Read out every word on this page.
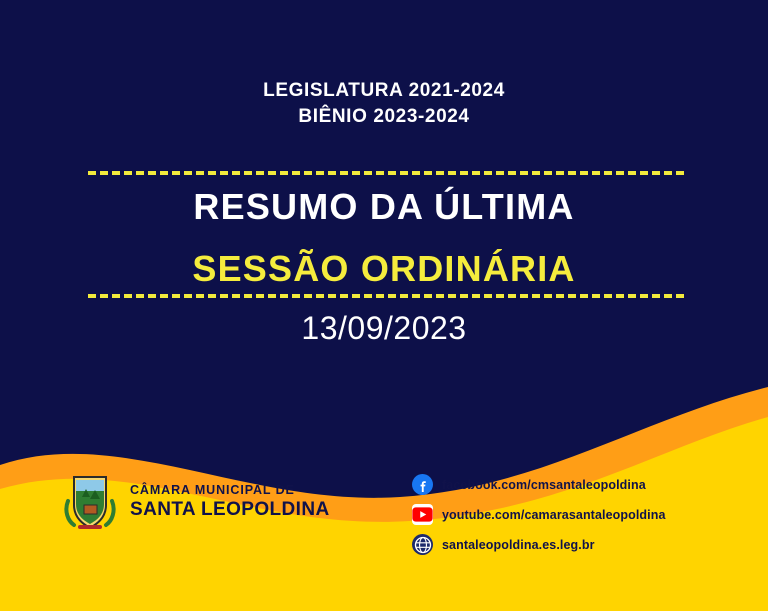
LEGISLATURA 2021-2024
BIÊNIO 2023-2024
RESUMO DA ÚLTIMA
SESSÃO ORDINÁRIA
13/09/2023
CÂMARA MUNICIPAL DE
SANTA LEOPOLDINA
facebook.com/cmsantaleopoldina
youtube.com/camarasantaleopoldina
santaleopoldina.es.leg.br
